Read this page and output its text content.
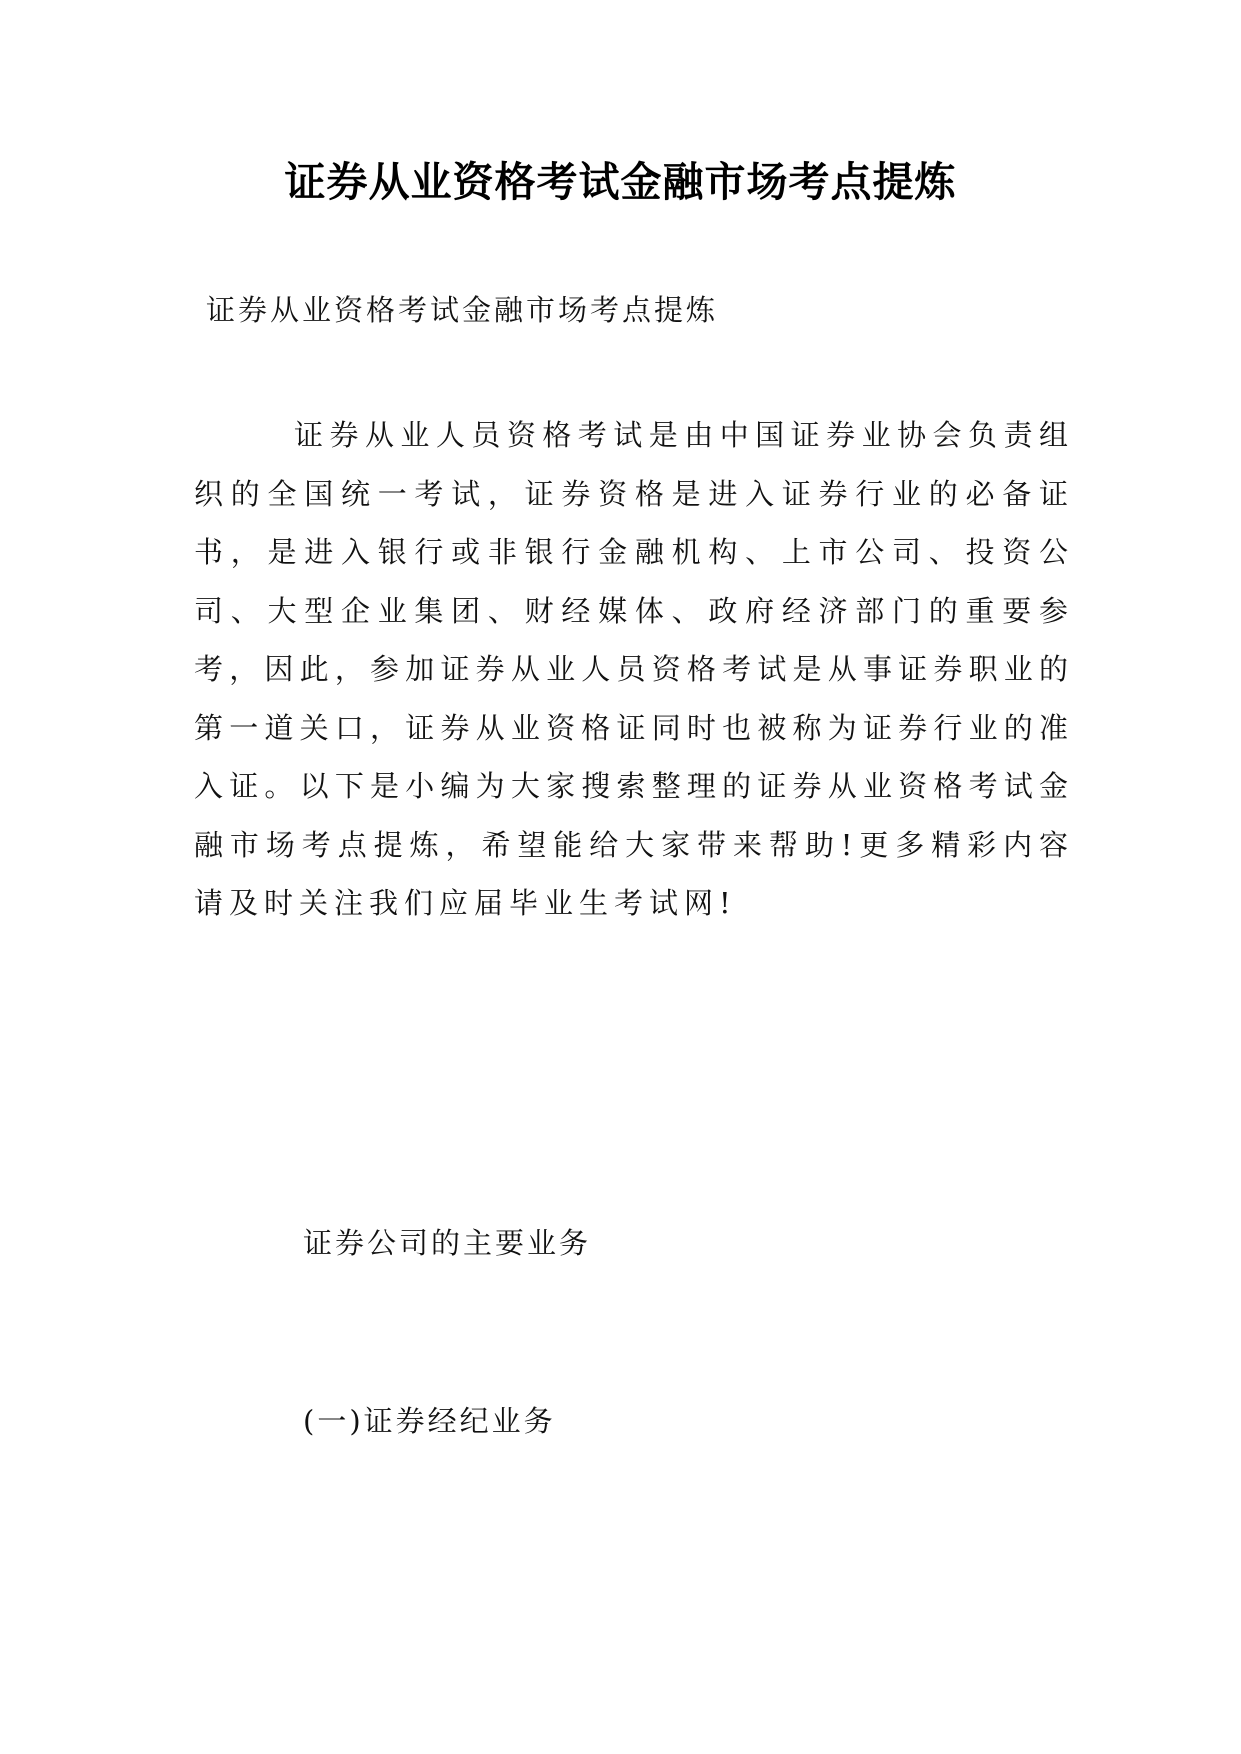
证券从业资格考试金融市场考点提炼
证券从业资格考试金融市场考点提炼
证券从业人员资格考试是由中国证券业协会负责组织的全国统一考试，证券资格是进入证券行业的必备证书，是进入银行或非银行金融机构、上市公司、投资公司、大型企业集团、财经媒体、政府经济部门的重要参考，因此，参加证券从业人员资格考试是从事证券职业的第一道关口，证券从业资格证同时也被称为证券行业的准入证。以下是小编为大家搜索整理的证券从业资格考试金融市场考点提炼，希望能给大家带来帮助!更多精彩内容请及时关注我们应届毕业生考试网!
证券公司的主要业务
(一)证券经纪业务
